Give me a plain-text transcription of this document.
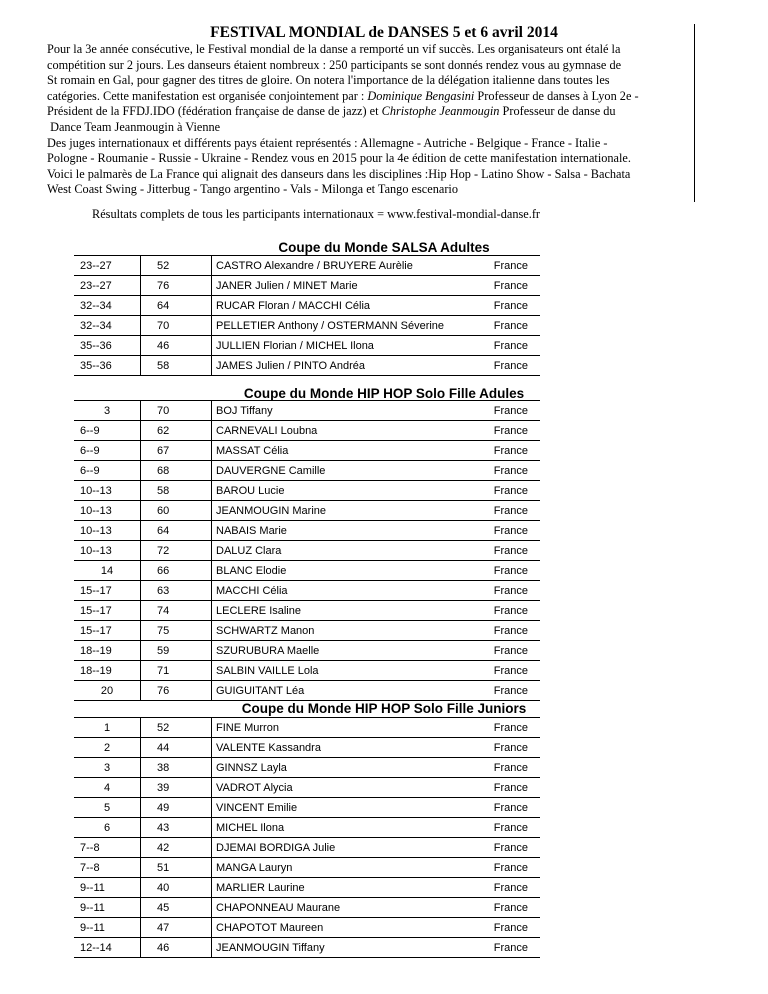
FESTIVAL MONDIAL de DANSES 5 et 6 avril 2014

Pour la 3e année consécutive, le Festival mondial de la danse a remporté un vif succès. Les organisateurs ont étalé la

compétition sur 2 jours. Les danseurs étaient nombreux : 250 participants se sont donnés rendez vous au gymnase de

St romain en Gal, pour gagner des titres de gloire. On notera l'importance de la délégation italienne dans toutes les

catégories. Cette manifestation est organisée conjointement par : Dominique Bengasini Professeur de danses à Lyon 2e -

Président de la FFDJ.IDO (fédération française de danse de jazz) et Christophe Jeanmougin Professeur de danse du

Dance Team Jeanmougin à Vienne

Des juges internationaux et différents pays étaient représentés : Allemagne - Autriche - Belgique - France - Italie -

Pologne - Roumanie - Russie - Ukraine - Rendez vous en 2015 pour la 4e édition de cette manifestation internationale.

Voici le palmarès de La France qui alignait des danseurs dans les disciplines :Hip Hop - Latino Show - Salsa - Bachata

West Coast Swing - Jitterbug - Tango argentino - Vals - Milonga et Tango escenario

Résultats complets de tous les participants internationaux = www.festival-mondial-danse.fr
Coupe du Monde SALSA Adultes
23--27	52	CASTRO Alexandre / BRUYERE Aurèlie	France
23--27	76	JANER Julien / MINET Marie	France
32--34	64	RUCAR Floran / MACCHI Célia	France
32--34	70	PELLETIER Anthony / OSTERMANN Séverine	France
35--36	46	JULLIEN Florian / MICHEL Ilona	France
35--36	58	JAMES Julien / PINTO Andréa	France
Coupe du Monde HIP HOP Solo Fille Adules
3	70	BOJ Tiffany	France
6--9	62	CARNEVALI Loubna	France
6--9	67	MASSAT Célia	France
6--9	68	DAUVERGNE Camille	France
10--13	58	BAROU Lucie	France
10--13	60	JEANMOUGIN Marine	France
10--13	64	NABAIS Marie	France
10--13	72	DALUZ Clara	France
14	66	BLANC Elodie	France
15--17	63	MACCHI Célia	France
15--17	74	LECLERE Isaline	France
15--17	75	SCHWARTZ Manon	France
18--19	59	SZURUBURA Maelle	France
18--19	71	SALBIN VAILLE Lola	France
20	76	GUIGUITANT Léa	France
Coupe du Monde HIP HOP Solo Fille Juniors
1	52	FINE Murron	France
2	44	VALENTE Kassandra	France
3	38	GINNSZ Layla	France
4	39	VADROT Alycia	France
5	49	VINCENT Emilie	France
6	43	MICHEL Ilona	France
7--8	42	DJEMAI BORDIGA Julie	France
7--8	51	MANGA Lauryn	France
9--11	40	MARLIER Laurine	France
9--11	45	CHAPONNEAU Maurane	France
9--11	47	CHAPOTOT Maureen	France
12--14	46	JEANMOUGIN Tiffany	France
